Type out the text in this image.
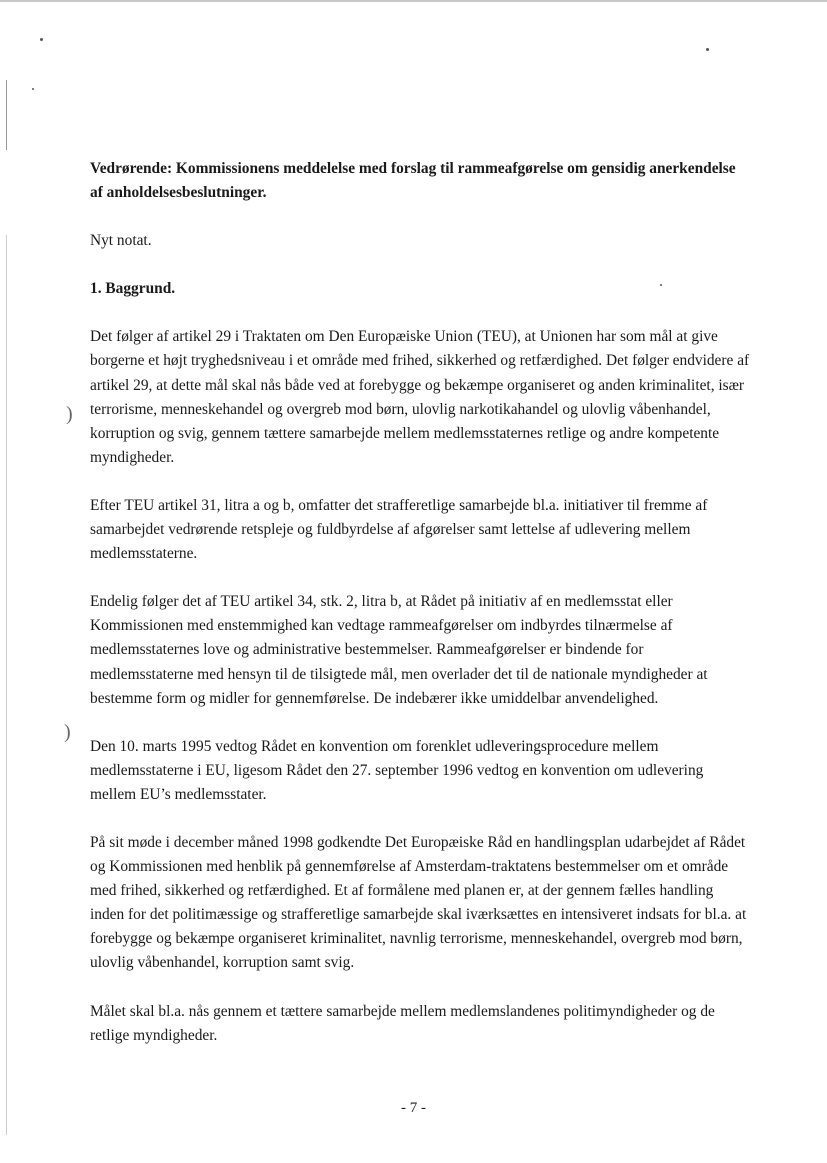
)
)

Vedrørende: Kommissionens meddelelse med forslag til rammeafgørelse om gensidig anerkendelse af anholdelsesbeslutninger.

Nyt notat.

1. Baggrund.

Det følger af artikel 29 i Traktaten om Den Europæiske Union (TEU), at Unionen har som mål at give borgerne et højt tryghedsniveau i et område med frihed, sikkerhed og retfærdighed. Det følger endvidere af artikel 29, at dette mål skal nås både ved at forebygge og bekæmpe organiseret og anden kriminalitet, især terrorisme, menneskehandel og overgreb mod børn, ulovlig narkotikahandel og ulovlig våbenhandel, korruption og svig, gennem tættere samarbejde mellem medlemsstaternes retlige og andre kompetente myndigheder.

Efter TEU artikel 31, litra a og b, omfatter det strafferetlige samarbejde bl.a. initiativer til fremme af samarbejdet vedrørende retspleje og fuldbyrdelse af afgørelser samt lettelse af udlevering mellem medlemsstaterne.

Endelig følger det af TEU artikel 34, stk. 2, litra b, at Rådet på initiativ af en medlemsstat eller Kommissionen med enstemmighed kan vedtage rammeafgørelser om indbyrdes tilnærmelse af medlemsstaternes love og administrative bestemmelser. Rammeafgørelser er bindende for medlemsstaterne med hensyn til de tilsigtede mål, men overlader det til de nationale myndigheder at bestemme form og midler for gennemførelse. De indebærer ikke umiddelbar anvendelighed.

Den 10. marts 1995 vedtog Rådet en konvention om forenklet udleveringsprocedure mellem medlemsstaterne i EU, ligesom Rådet den 27. september 1996 vedtog en konvention om udlevering mellem EU’s medlemsstater.

På sit møde i december måned 1998 godkendte Det Europæiske Råd en handlingsplan udarbejdet af Rådet og Kommissionen med henblik på gennemførelse af Amsterdam-traktatens bestemmelser om et område med frihed, sikkerhed og retfærdighed. Et af formålene med planen er, at der gennem fælles handling inden for det politimæssige og strafferetlige samarbejde skal iværksættes en intensiveret indsats for bl.a. at forebygge og bekæmpe organiseret kriminalitet, navnlig terrorisme, menneskehandel, overgreb mod børn, ulovlig våbenhandel, korruption samt svig.

Målet skal bl.a. nås gennem et tættere samarbejde mellem medlemslandenes politimyndigheder og de retlige myndigheder.

- 7 -
